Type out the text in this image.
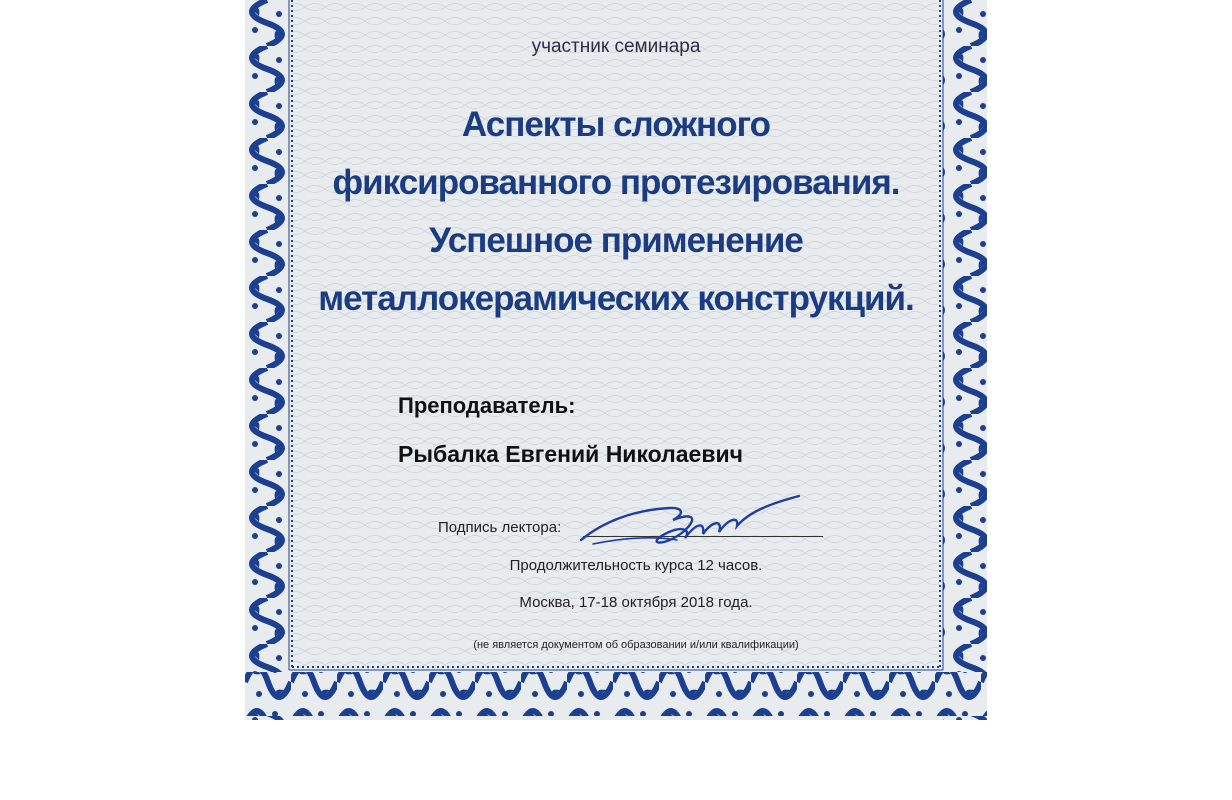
участник семинара
Аспекты сложного
фиксированного протезирования.
Успешное применение
металлокерамических конструкций.
Преподаватель:
Рыбалка Евгений Николаевич
Подпись лектора:
Продолжительность курса 12 часов.
Москва, 17-18 октября 2018 года.
(не является документом об образовании и/или квалификации)
